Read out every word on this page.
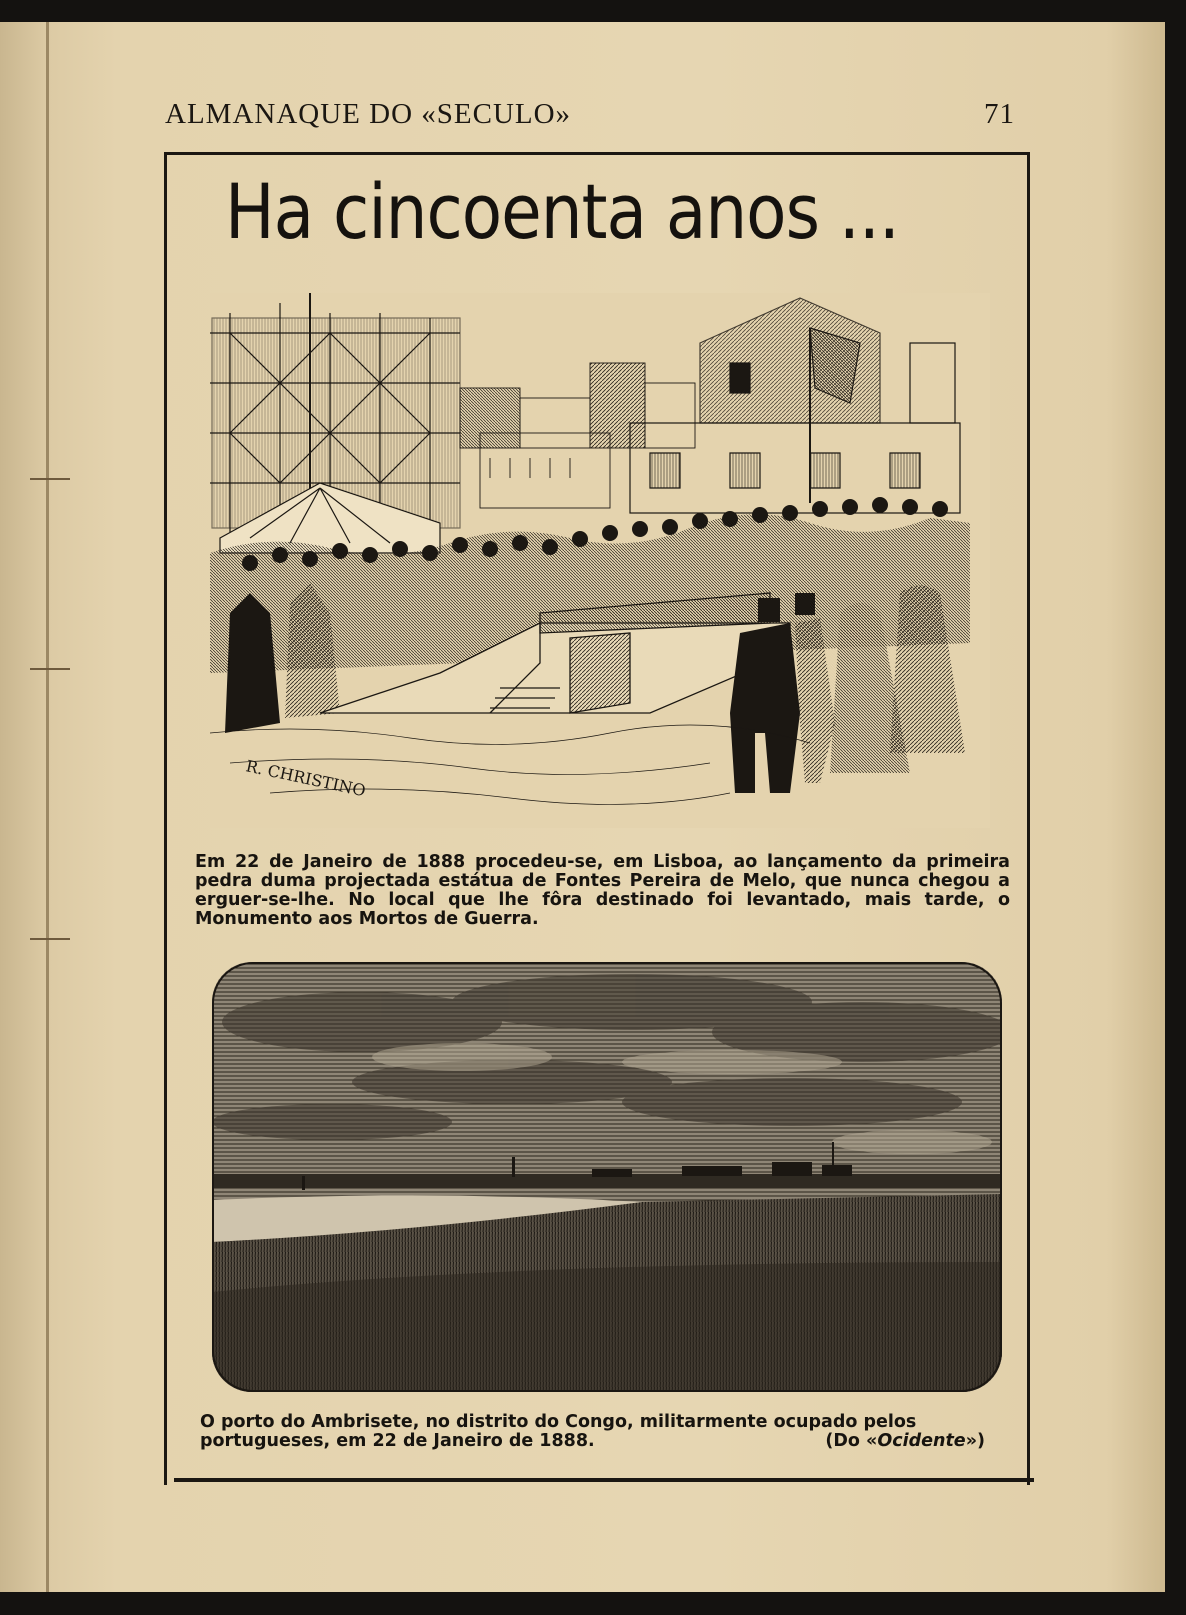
ALMANAQUE DO «SECULO»	71
Ha cincoenta anos ...
R. CHRISTINO
Em 22 de Janeiro de 1888 procedeu-se, em Lisboa, ao lançamento da primeira pedra duma projectada estátua de Fontes Pereira de Melo, que nunca chegou a erguer-se-lhe. No local que lhe fôra destinado foi levantado, mais tarde, o Monumento aos Mortos de Guerra.
O porto do Ambrisete, no distrito do Congo, militarmente ocupado pelos
portugueses, em 22 de Janeiro de 1888.	(Do «Ocidente»)
